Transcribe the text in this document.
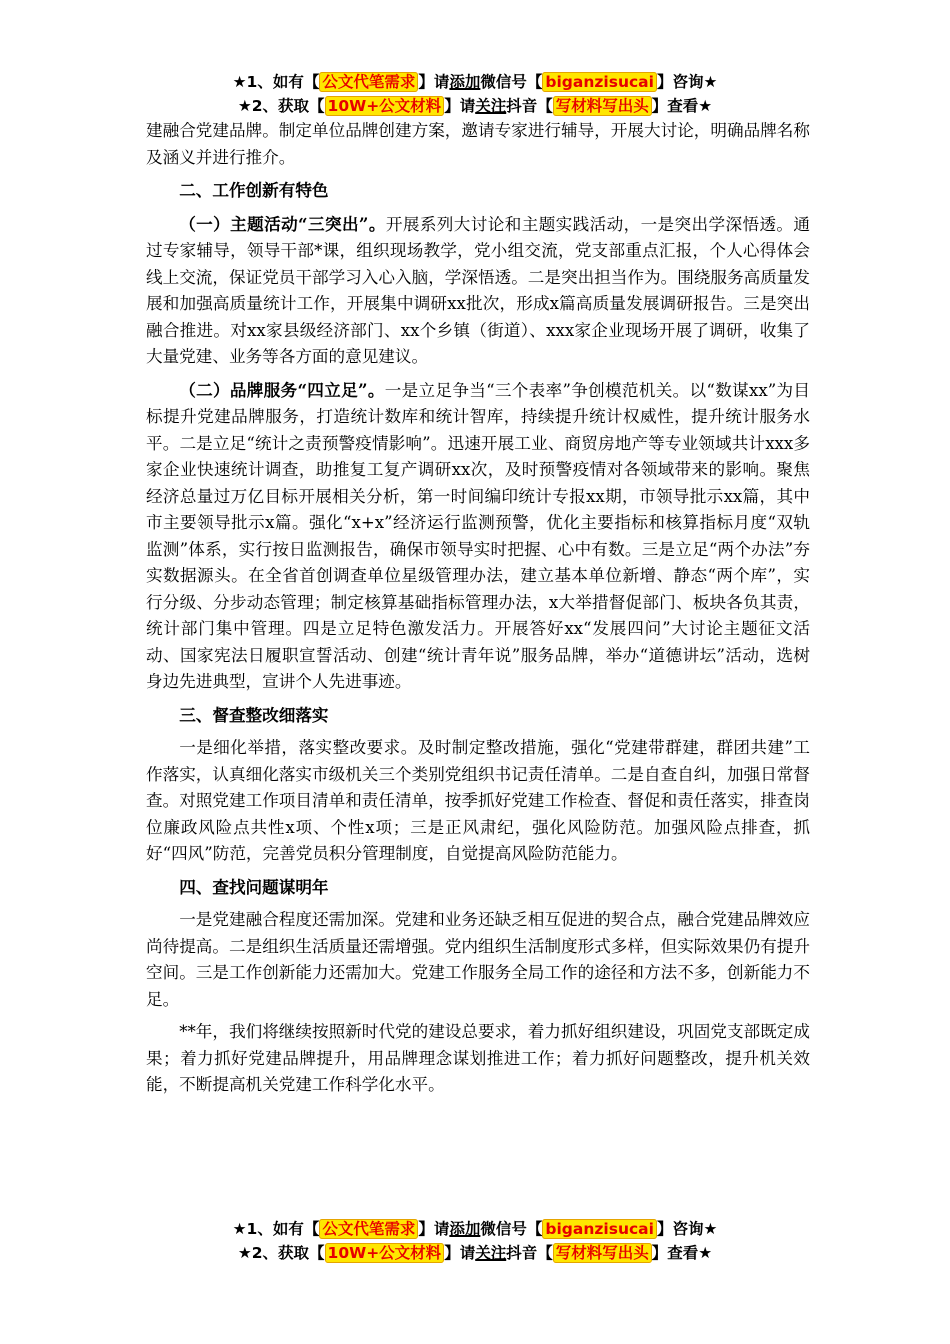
★1、如有【 公文代笔需求 】请添加微信号【 biganzisucai 】咨询★
★2、获取【 10W+公文材料 】请关注抖音【 写材料写出头 】查看★

建融合党建品牌。制定单位品牌创建方案，邀请专家进行辅导，开展大讨论，明确品牌名称及涵义并进行推介。

二、工作创新有特色

（一）主题活动“三突出”。开展系列大讨论和主题实践活动，一是突出学深悟透。通过专家辅导，领导干部*课，组织现场教学，党小组交流，党支部重点汇报，个人心得体会线上交流，保证党员干部学习入心入脑，学深悟透。二是突出担当作为。围绕服务高质量发展和加强高质量统计工作，开展集中调研xx批次，形成x篇高质量发展调研报告。三是突出融合推进。对xx家县级经济部门、xx个乡镇（街道）、xxx家企业现场开展了调研，收集了大量党建、业务等各方面的意见建议。

（二）品牌服务“四立足”。一是立足争当“三个表率”争创模范机关。以“数谋xx”为目标提升党建品牌服务，打造统计数库和统计智库，持续提升统计权威性，提升统计服务水平。二是立足“统计之责预警疫情影响”。迅速开展工业、商贸房地产等专业领域共计xxx多家企业快速统计调查，助推复工复产调研xx次，及时预警疫情对各领域带来的影响。聚焦经济总量过万亿目标开展相关分析，第一时间编印统计专报xx期，市领导批示xx篇，其中市主要领导批示x篇。强化“x+x”经济运行监测预警，优化主要指标和核算指标月度“双轨监测”体系，实行按日监测报告，确保市领导实时把握、心中有数。三是立足“两个办法”夯实数据源头。在全省首创调查单位星级管理办法，建立基本单位新增、静态“两个库”，实行分级、分步动态管理；制定核算基础指标管理办法，x大举措督促部门、板块各负其责，统计部门集中管理。四是立足特色激发活力。开展答好xx“发展四问”大讨论主题征文活动、国家宪法日履职宣誓活动、创建“统计青年说”服务品牌，举办“道德讲坛”活动，选树身边先进典型，宣讲个人先进事迹。

三、督查整改细落实

一是细化举措，落实整改要求。及时制定整改措施，强化“党建带群建，群团共建”工作落实，认真细化落实市级机关三个类别党组织书记责任清单。二是自查自纠，加强日常督查。对照党建工作项目清单和责任清单，按季抓好党建工作检查、督促和责任落实，排查岗位廉政风险点共性x项、个性x项；三是正风肃纪，强化风险防范。加强风险点排查，抓好“四风”防范，完善党员积分管理制度，自觉提高风险防范能力。

四、查找问题谋明年

一是党建融合程度还需加深。党建和业务还缺乏相互促进的契合点，融合党建品牌效应尚待提高。二是组织生活质量还需增强。党内组织生活制度形式多样，但实际效果仍有提升空间。三是工作创新能力还需加大。党建工作服务全局工作的途径和方法不多，创新能力不足。

**年，我们将继续按照新时代党的建设总要求，着力抓好组织建设，巩固党支部既定成果；着力抓好党建品牌提升，用品牌理念谋划推进工作；着力抓好问题整改，提升机关效能，不断提高机关党建工作科学化水平。

★1、如有【 公文代笔需求 】请添加微信号【 biganzisucai 】咨询★
★2、获取【 10W+公文材料 】请关注抖音【 写材料写出头 】查看★
